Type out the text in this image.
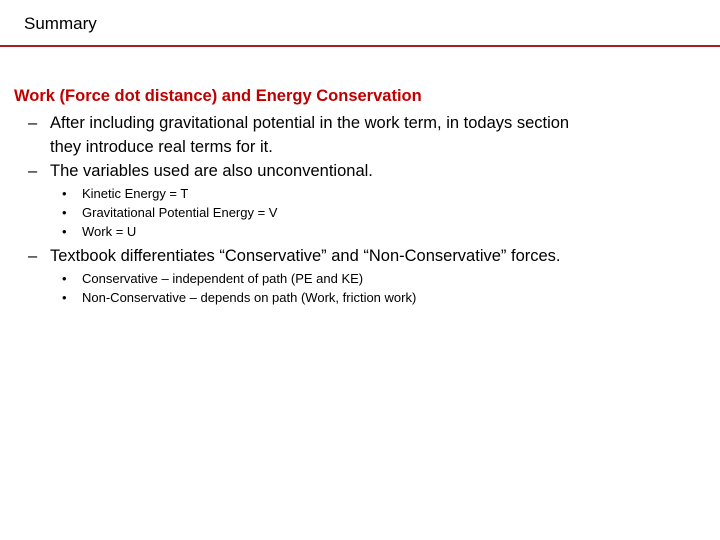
Summary
Work (Force dot distance) and Energy Conservation
– After including gravitational potential in the work term, in todays section they introduce real terms for it.
– The variables used are also unconventional.
• Kinetic Energy = T
• Gravitational Potential Energy = V
• Work = U
– Textbook differentiates “Conservative” and “Non-Conservative” forces.
• Conservative – independent of path (PE and KE)
• Non-Conservative – depends on path (Work, friction work)
